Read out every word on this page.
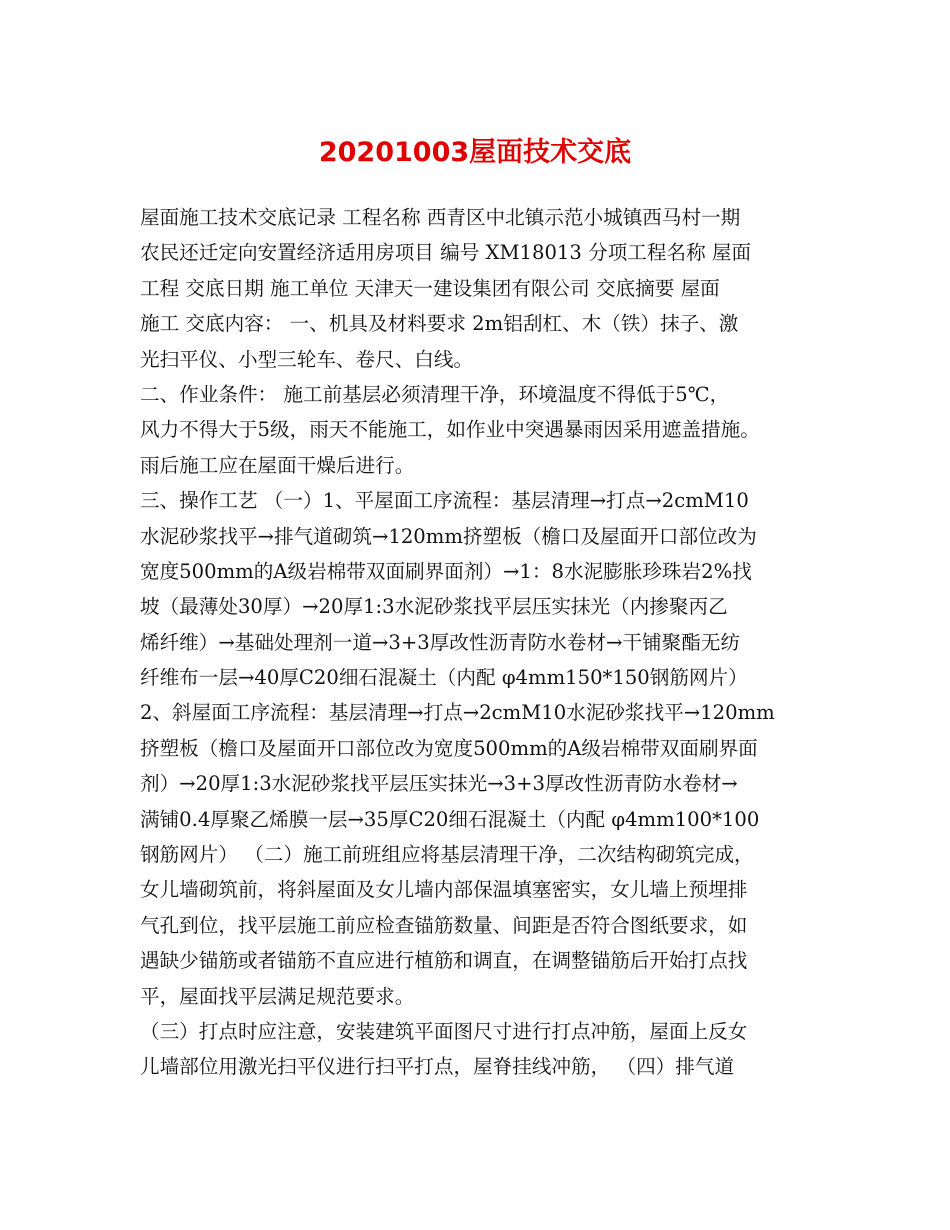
20201003屋面技术交底
屋面施工技术交底记录 工程名称 西青区中北镇示范小城镇西马村一期
农民还迁定向安置经济适用房项目 编号 XM18013 分项工程名称 屋面
工程 交底日期 施工单位 天津天一建设集团有限公司 交底摘要 屋面
施工 交底内容： 一、机具及材料要求 2m铝刮杠、木（铁）抹子、激
光扫平仪、小型三轮车、卷尺、白线。
二、作业条件： 施工前基层必须清理干净，环境温度不得低于5℃，
风力不得大于5级，雨天不能施工，如作业中突遇暴雨因采用遮盖措施。
雨后施工应在屋面干燥后进行。
三、操作工艺 （一）1、平屋面工序流程：基层清理→打点→2cmM10
水泥砂浆找平→排气道砌筑→120mm挤塑板（檐口及屋面开口部位改为
宽度500mm的A级岩棉带双面刷界面剂）→1：8水泥膨胀珍珠岩2%找
坡（最薄处30厚）→20厚1:3水泥砂浆找平层压实抹光（内掺聚丙乙
烯纤维）→基础处理剂一道→3+3厚改性沥青防水卷材→干铺聚酯无纺
纤维布一层→40厚C20细石混凝土（内配 φ4mm150*150钢筋网片）
2、斜屋面工序流程：基层清理→打点→2cmM10水泥砂浆找平→120mm
挤塑板（檐口及屋面开口部位改为宽度500mm的A级岩棉带双面刷界面
剂）→20厚1:3水泥砂浆找平层压实抹光→3+3厚改性沥青防水卷材→
满铺0.4厚聚乙烯膜一层→35厚C20细石混凝土（内配 φ4mm100*100
钢筋网片） （二）施工前班组应将基层清理干净，二次结构砌筑完成，
女儿墙砌筑前，将斜屋面及女儿墙内部保温填塞密实，女儿墙上预埋排
气孔到位，找平层施工前应检查锚筋数量、间距是否符合图纸要求，如
遇缺少锚筋或者锚筋不直应进行植筋和调直，在调整锚筋后开始打点找
平，屋面找平层满足规范要求。
（三）打点时应注意，安装建筑平面图尺寸进行打点冲筋，屋面上反女
儿墙部位用激光扫平仪进行扫平打点，屋脊挂线冲筋， （四）排气道
